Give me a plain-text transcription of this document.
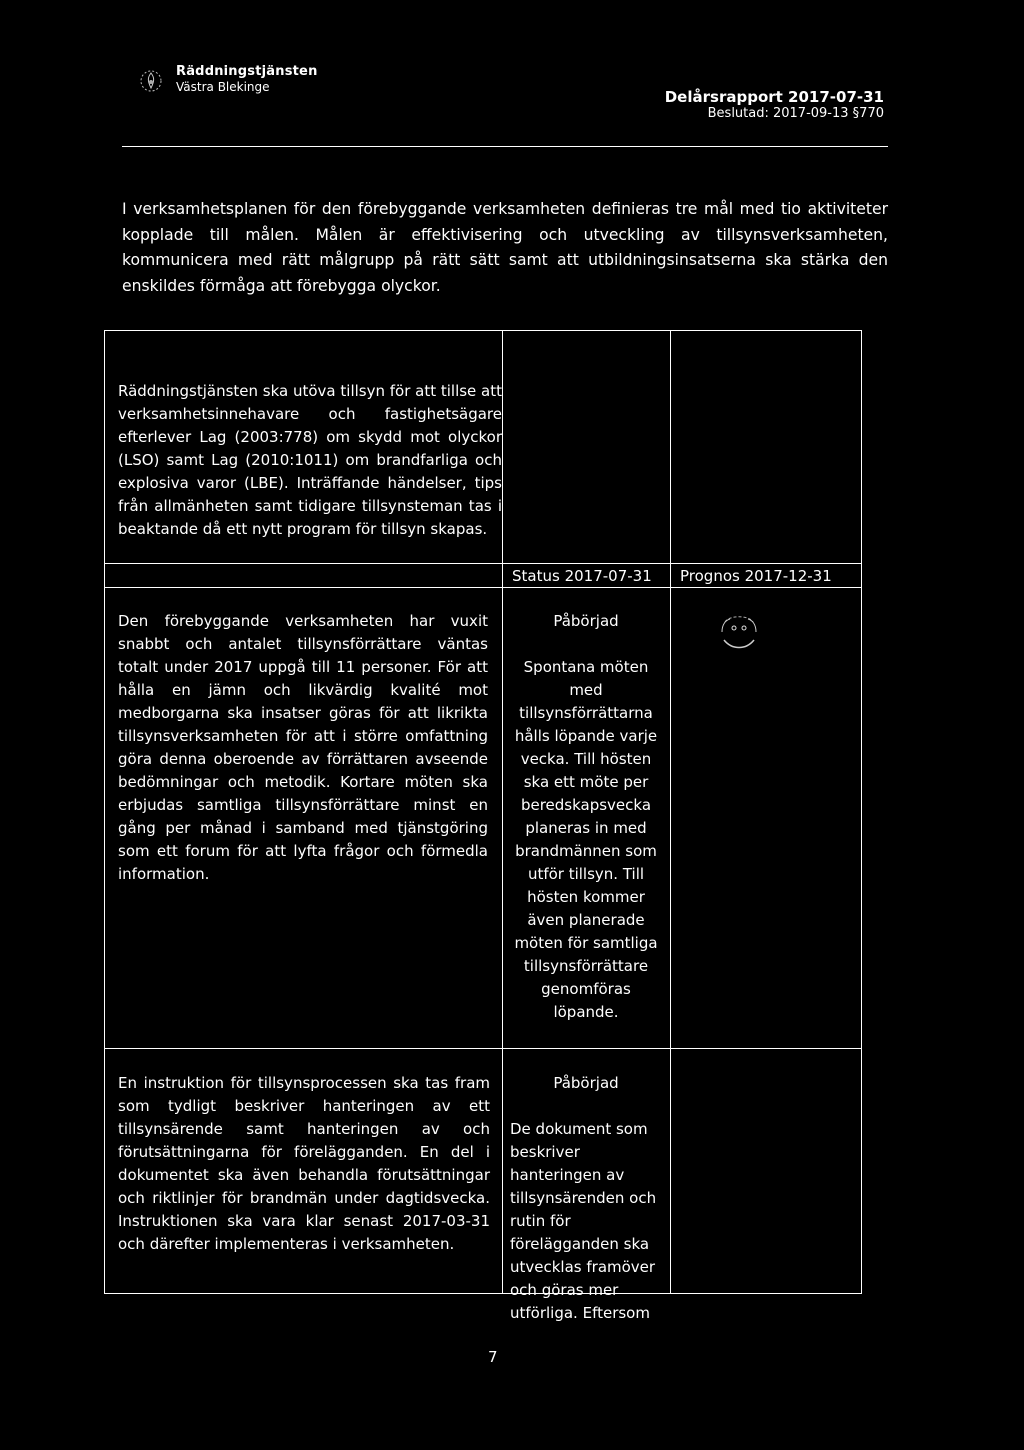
Räddningstjänsten
Västra Blekinge
Delårsrapport 2017-07-31
Beslutad: 2017-09-13 §770

I verksamhetsplanen för den förebyggande verksamheten definieras tre mål med tio aktiviteter kopplade till målen. Målen är effektivisering och utveckling av tillsynsverksamheten, kommunicera med rätt målgrupp på rätt sätt samt att utbildningsinsatserna ska stärka den enskildes förmåga att förebygga olyckor.

Räddningstjänsten ska utöva tillsyn för att tillse att verksamhetsinnehavare och fastighetsägare efterlever Lag (2003:778) om skydd mot olyckor (LSO) samt Lag (2010:1011) om brandfarliga och explosiva varor (LBE). Inträffande händelser, tips från allmänheten samt tidigare tillsynsteman tas i beaktande då ett nytt program för tillsyn skapas.

Status 2017-07-31 Prognos 2017-12-31

Den förebyggande verksamheten har vuxit snabbt och antalet tillsynsförrättare väntas totalt under 2017 uppgå till 11 personer. För att hålla en jämn och likvärdig kvalité mot medborgarna ska insatser göras för att likrikta tillsynsverksamheten för att i större omfattning göra denna oberoende av förrättaren avseende bedömningar och metodik. Kortare möten ska erbjudas samtliga tillsynsförrättare minst en gång per månad i samband med tjänstgöring som ett forum för att lyfta frågor och förmedla information.

Påbörjad

Spontana möten med tillsynsförrättarna hålls löpande varje vecka. Till hösten ska ett möte per beredskapsvecka planeras in med brandmännen som utför tillsyn. Till hösten kommer även planerade möten för samtliga tillsynsförrättare genomföras löpande.

En instruktion för tillsynsprocessen ska tas fram som tydligt beskriver hanteringen av ett tillsynsärende samt hanteringen av och förutsättningarna för förelägganden. En del i dokumentet ska även behandla förutsättningar och riktlinjer för brandmän under dagtidsvecka. Instruktionen ska vara klar senast 2017-03-31 och därefter implementeras i verksamheten.

Påbörjad

De dokument som beskriver hanteringen av tillsynsärenden och rutin för förelägganden ska utvecklas framöver och göras mer utförliga. Eftersom

7
